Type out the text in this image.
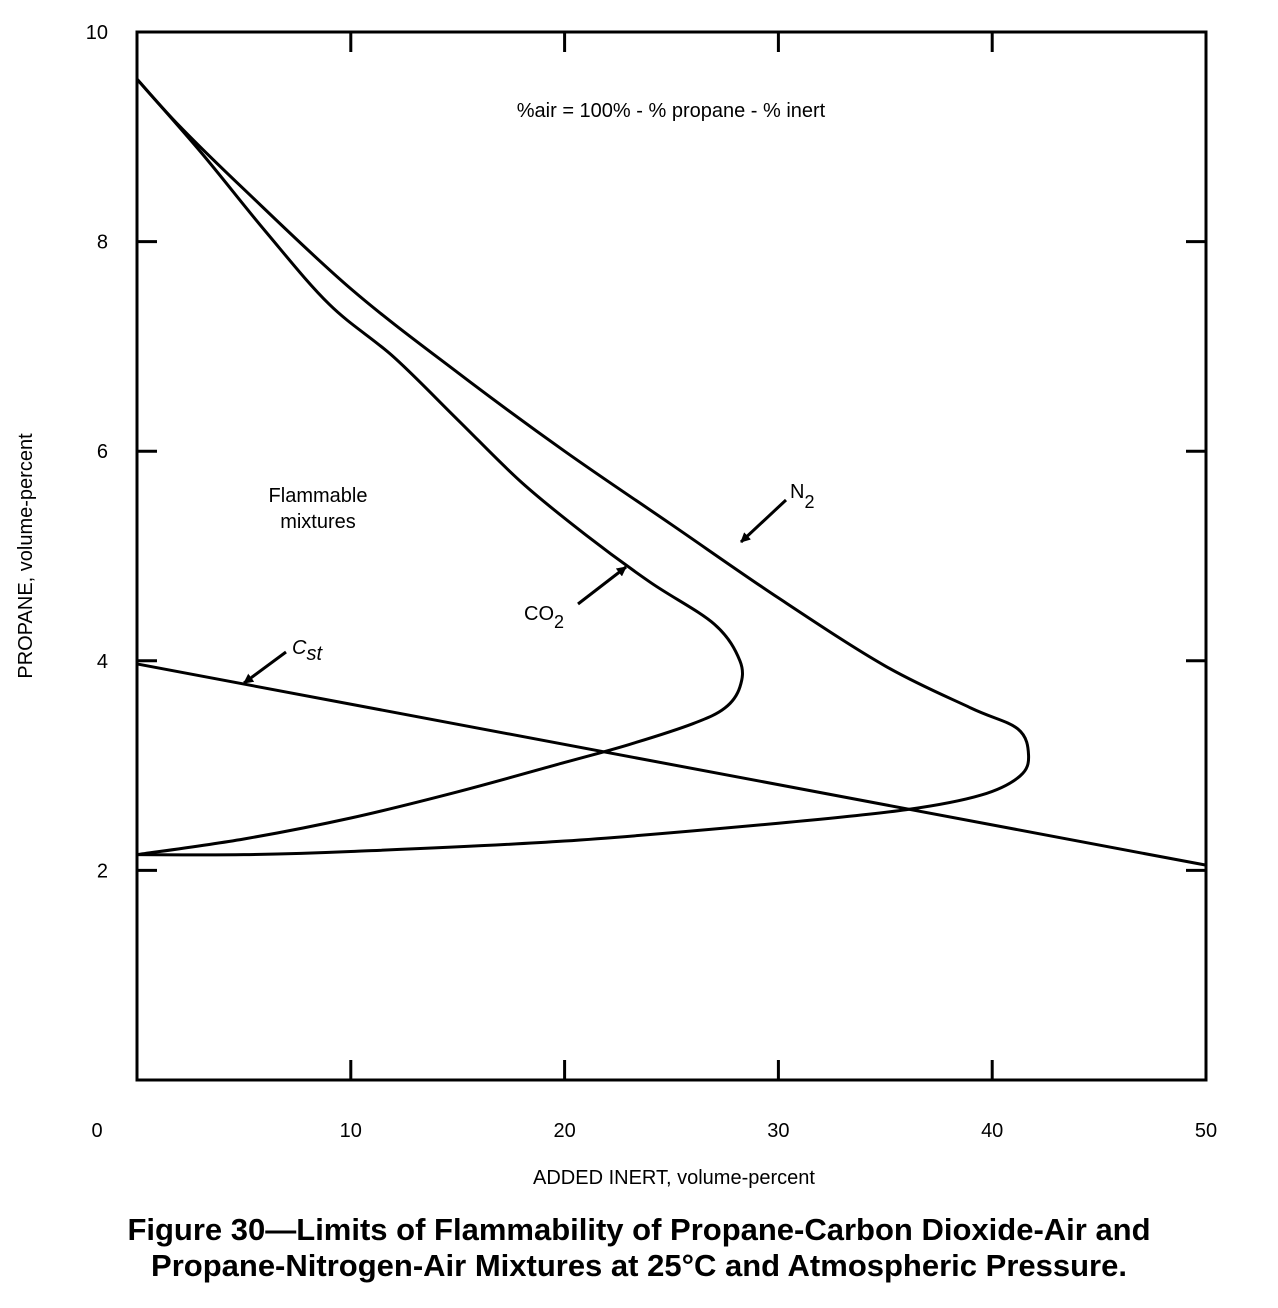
0	10	20	30	40	50
2
4
6
8
10
ADDED INERT, volume-percent
PROPANE, volume-percent
%air = 100% - % propane - % inert
Flammable
mixtures
N2
CO2
Cst
Figure 30—Limits of Flammability of Propane-Carbon Dioxide-Air and
Propane-Nitrogen-Air Mixtures at 25°C and Atmospheric Pressure.
